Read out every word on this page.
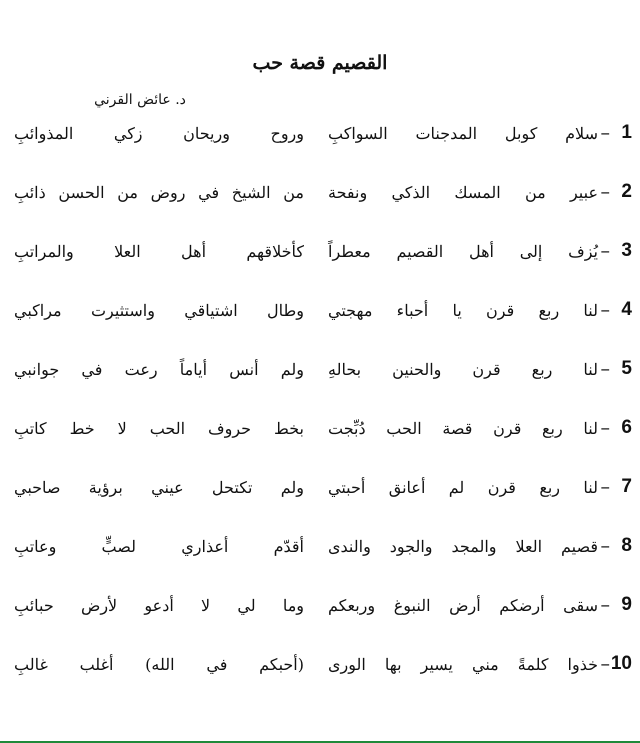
القصيم قصة حب
د. عائض القرني
1
–
سلام كوبل المدجنات السواكبِ
وروح وريحان زكي المذوائبِ
2
–
عبير من المسك الذكي ونفحة
من الشيخ في روض من الحسن ذائبِ
3
–
يُزف إلى أهل القصيم معطراً
كأخلاقهم أهل العلا والمراتبِ
4
–
لنا ربع قرن يا أحباء مهجتي
وطال اشتياقي واستثيرت مراكبي
5
–
لنا ربع قرن والحنين بحالهِ
ولم أنس أياماً رعت في جوانبي
6
–
لنا ربع قرن قصة الحب دُبِّجت
بخط حروف الحب لا خط كاتبِ
7
–
لنا ربع قرن لم أعانق أحبتي
ولم تكتحل عيني برؤية صاحبي
8
–
قصيم العلا والمجد والجود والندى
أقدّم أعذاري لصبٍّ وعاتبِ
9
–
سقى أرضكم أرض النبوغ وربعكم
وما لي لا أدعو لأرض حبائبِ
10
–
خذوا كلمةً مني يسير بها الورى
(أحبكم في الله) أغلب غالبِ
